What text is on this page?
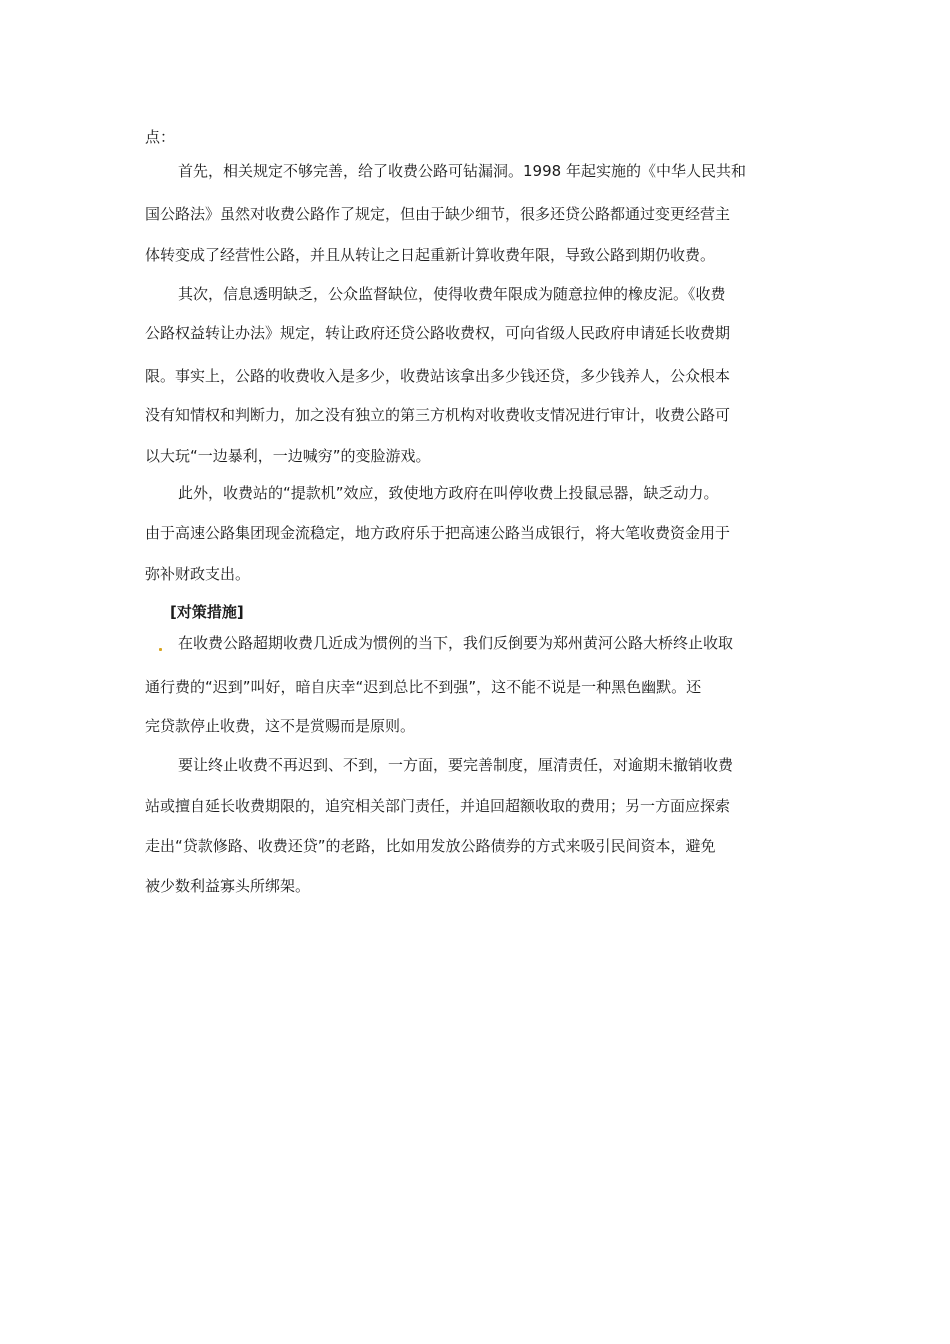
点：
首先，相关规定不够完善，给了收费公路可钻漏洞。1998 年起实施的《中华人民共和
国公路法》虽然对收费公路作了规定，但由于缺少细节，很多还贷公路都通过变更经营主
体转变成了经营性公路，并且从转让之日起重新计算收费年限，导致公路到期仍收费。
其次，信息透明缺乏，公众监督缺位，使得收费年限成为随意拉伸的橡皮泥。《收费
公路权益转让办法》规定，转让政府还贷公路收费权，可向省级人民政府申请延长收费期
限。事实上，公路的收费收入是多少，收费站该拿出多少钱还贷，多少钱养人，公众根本
没有知情权和判断力，加之没有独立的第三方机构对收费收支情况进行审计，收费公路可
以大玩“一边暴利，一边喊穷”的变脸游戏。
此外，收费站的“提款机”效应，致使地方政府在叫停收费上投鼠忌器，缺乏动力。
由于高速公路集团现金流稳定，地方政府乐于把高速公路当成银行，将大笔收费资金用于
弥补财政支出。
[对策措施]
在收费公路超期收费几近成为惯例的当下，我们反倒要为郑州黄河公路大桥终止收取
通行费的“迟到”叫好，暗自庆幸“迟到总比不到强”，这不能不说是一种黑色幽默。还
完贷款停止收费，这不是赏赐而是原则。
要让终止收费不再迟到、不到，一方面，要完善制度，厘清责任，对逾期未撤销收费
站或擅自延长收费期限的，追究相关部门责任，并追回超额收取的费用；另一方面应探索
走出“贷款修路、收费还贷”的老路，比如用发放公路债券的方式来吸引民间资本，避免
被少数利益寡头所绑架。
